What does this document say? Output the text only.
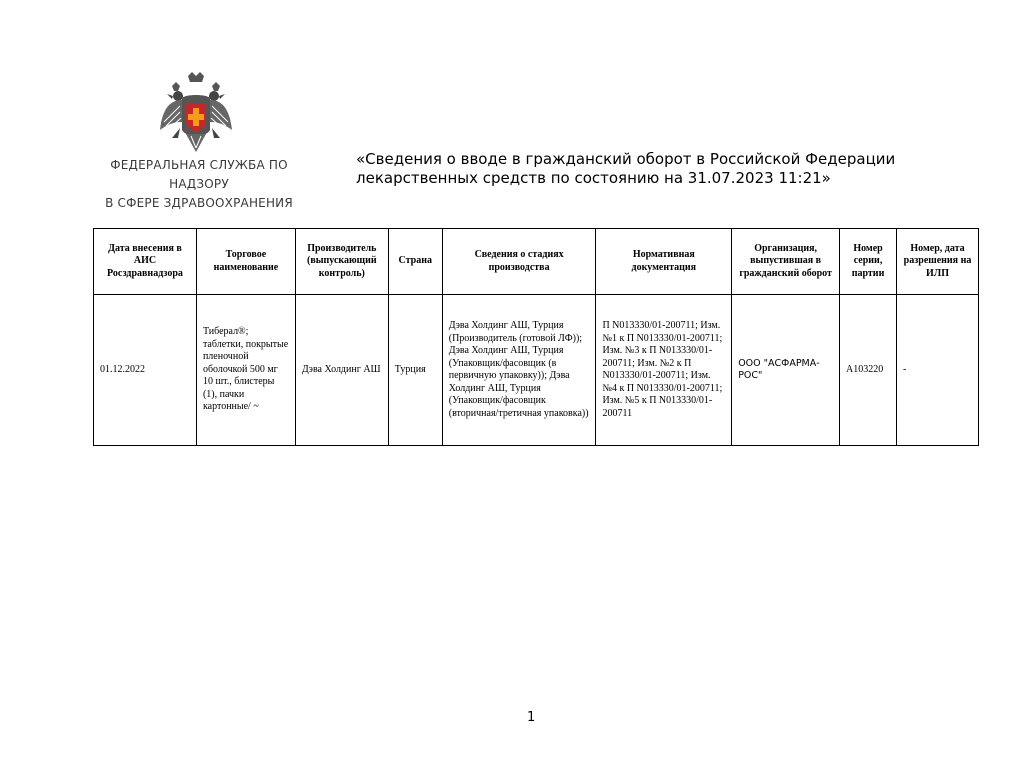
ФЕДЕРАЛЬНАЯ СЛУЖБА ПО НАДЗОРУ
В СФЕРЕ ЗДРАВООХРАНЕНИЯ
«Сведения о вводе в гражданский оборот в Российской Федерации
лекарственных средств по состоянию на 31.07.2023 11:21»
Дата внесения в АИС Росздравнадзора	Торговое наименование	Производитель (выпускающий контроль)	Страна	Сведения о стадиях производства	Нормативная документация	Организация, выпустившая в гражданский оборот	Номер серии, партии	Номер, дата разрешения на ИЛП
01.12.2022	Тиберал®; таблетки, покрытые пленочной оболочкой 500 мг 10 шт., блистеры (1), пачки картонные/ ~	Дэва Холдинг АШ	Турция	Дэва Холдинг АШ, Турция (Производитель (готовой ЛФ)); Дэва Холдинг АШ, Турция (Упаковщик/фасовщик (в первичную упаковку)); Дэва Холдинг АШ, Турция (Упаковщик/фасовщик (вторичная/третичная упаковка))	П N013330/01-200711; Изм. №1 к П N013330/01-200711; Изм. №3 к П N013330/01-200711; Изм. №2 к П N013330/01-200711; Изм. №4 к П N013330/01-200711; Изм. №5 к П N013330/01-200711	ООО "АСФАРМА-РОС"	А103220	-
1
